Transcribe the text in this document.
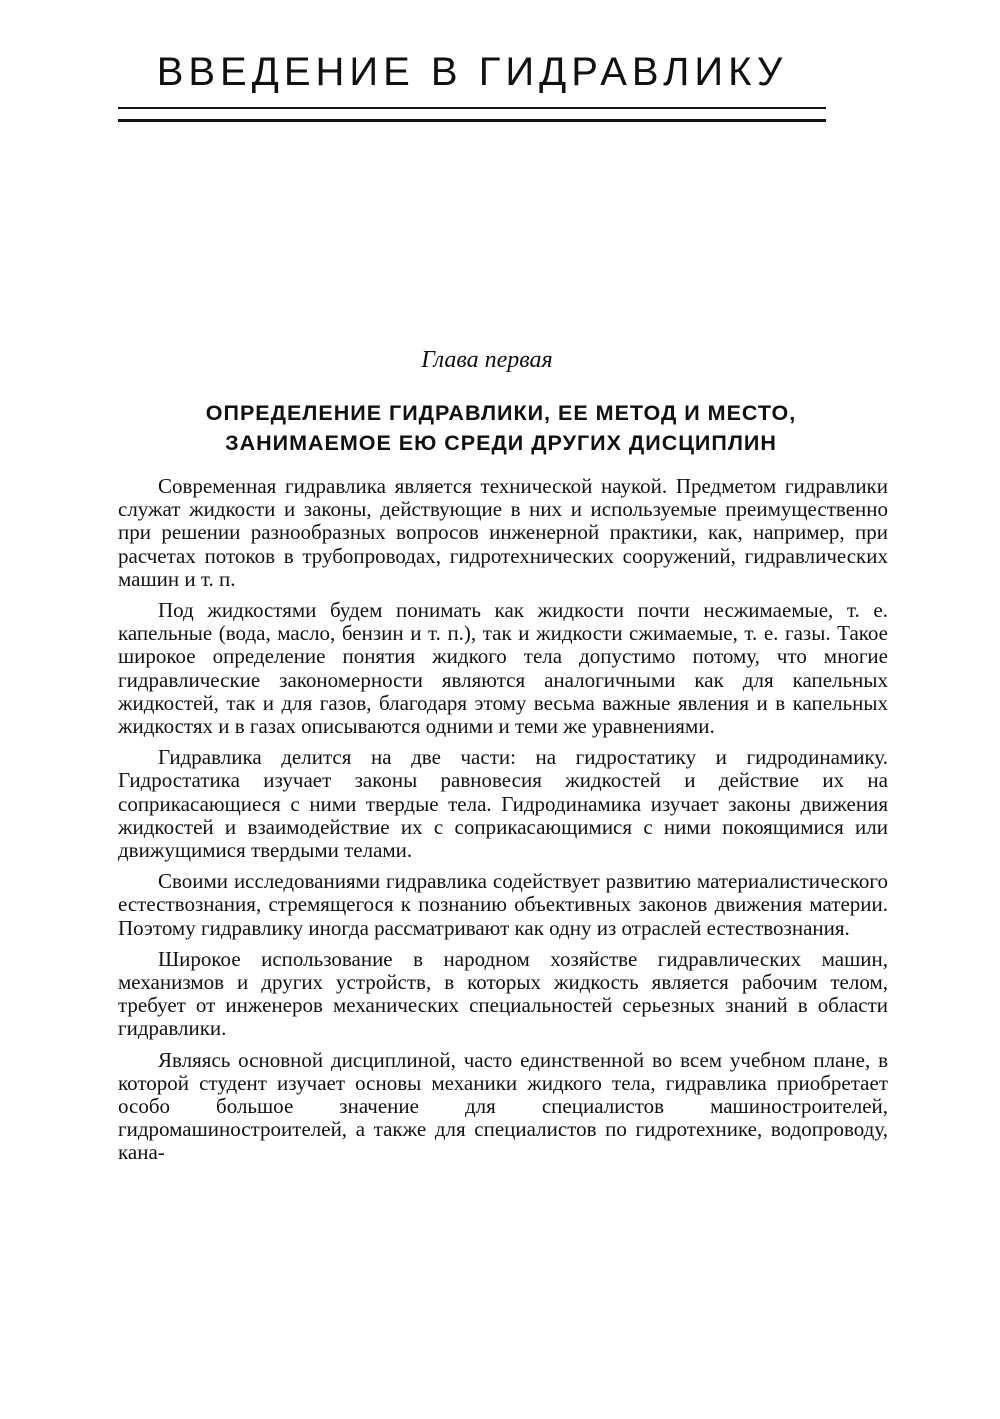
ВВЕДЕНИЕ В ГИДРАВЛИКУ

Глава первая

ОПРЕДЕЛЕНИЕ ГИДРАВЛИКИ, ЕЕ МЕТОД И МЕСТО,
ЗАНИМАЕМОЕ ЕЮ СРЕДИ ДРУГИХ ДИСЦИПЛИН

Современная гидравлика является технической наукой. Предметом гидравлики служат жидкости и законы, действующие в них и используемые преимущественно при решении разнообразных вопросов инженерной практики, как, например, при расчетах потоков в трубопроводах, гидротехнических сооружений, гидравлических машин и т. п.

Под жидкостями будем понимать как жидкости почти несжимаемые, т. е. капельные (вода, масло, бензин и т. п.), так и жидкости сжимаемые, т. е. газы. Такое широкое определение понятия жидкого тела допустимо потому, что многие гидравлические закономерности являются аналогичными как для капельных жидкостей, так и для газов, благодаря этому весьма важные явления и в капельных жидкостях и в газах описываются одними и теми же уравнениями.

Гидравлика делится на две части: на гидростатику и гидродинамику. Гидростатика изучает законы равновесия жидкостей и действие их на соприкасающиеся с ними твердые тела. Гидродинамика изучает законы движения жидкостей и взаимодействие их с соприкасающимися с ними покоящимися или движущимися твердыми телами.

Своими исследованиями гидравлика содействует развитию материалистического естествознания, стремящегося к познанию объективных законов движения материи. Поэтому гидравлику иногда рассматривают как одну из отраслей естествознания.

Широкое использование в народном хозяйстве гидравлических машин, механизмов и других устройств, в которых жидкость является рабочим телом, требует от инженеров механических специальностей серьезных знаний в области гидравлики.

Являясь основной дисциплиной, часто единственной во всем учебном плане, в которой студент изучает основы механики жидкого тела, гидравлика приобретает особо большое значение для специалистов машиностроителей, гидромашиностроителей, а также для специалистов по гидротехнике, водопроводу, кана-
